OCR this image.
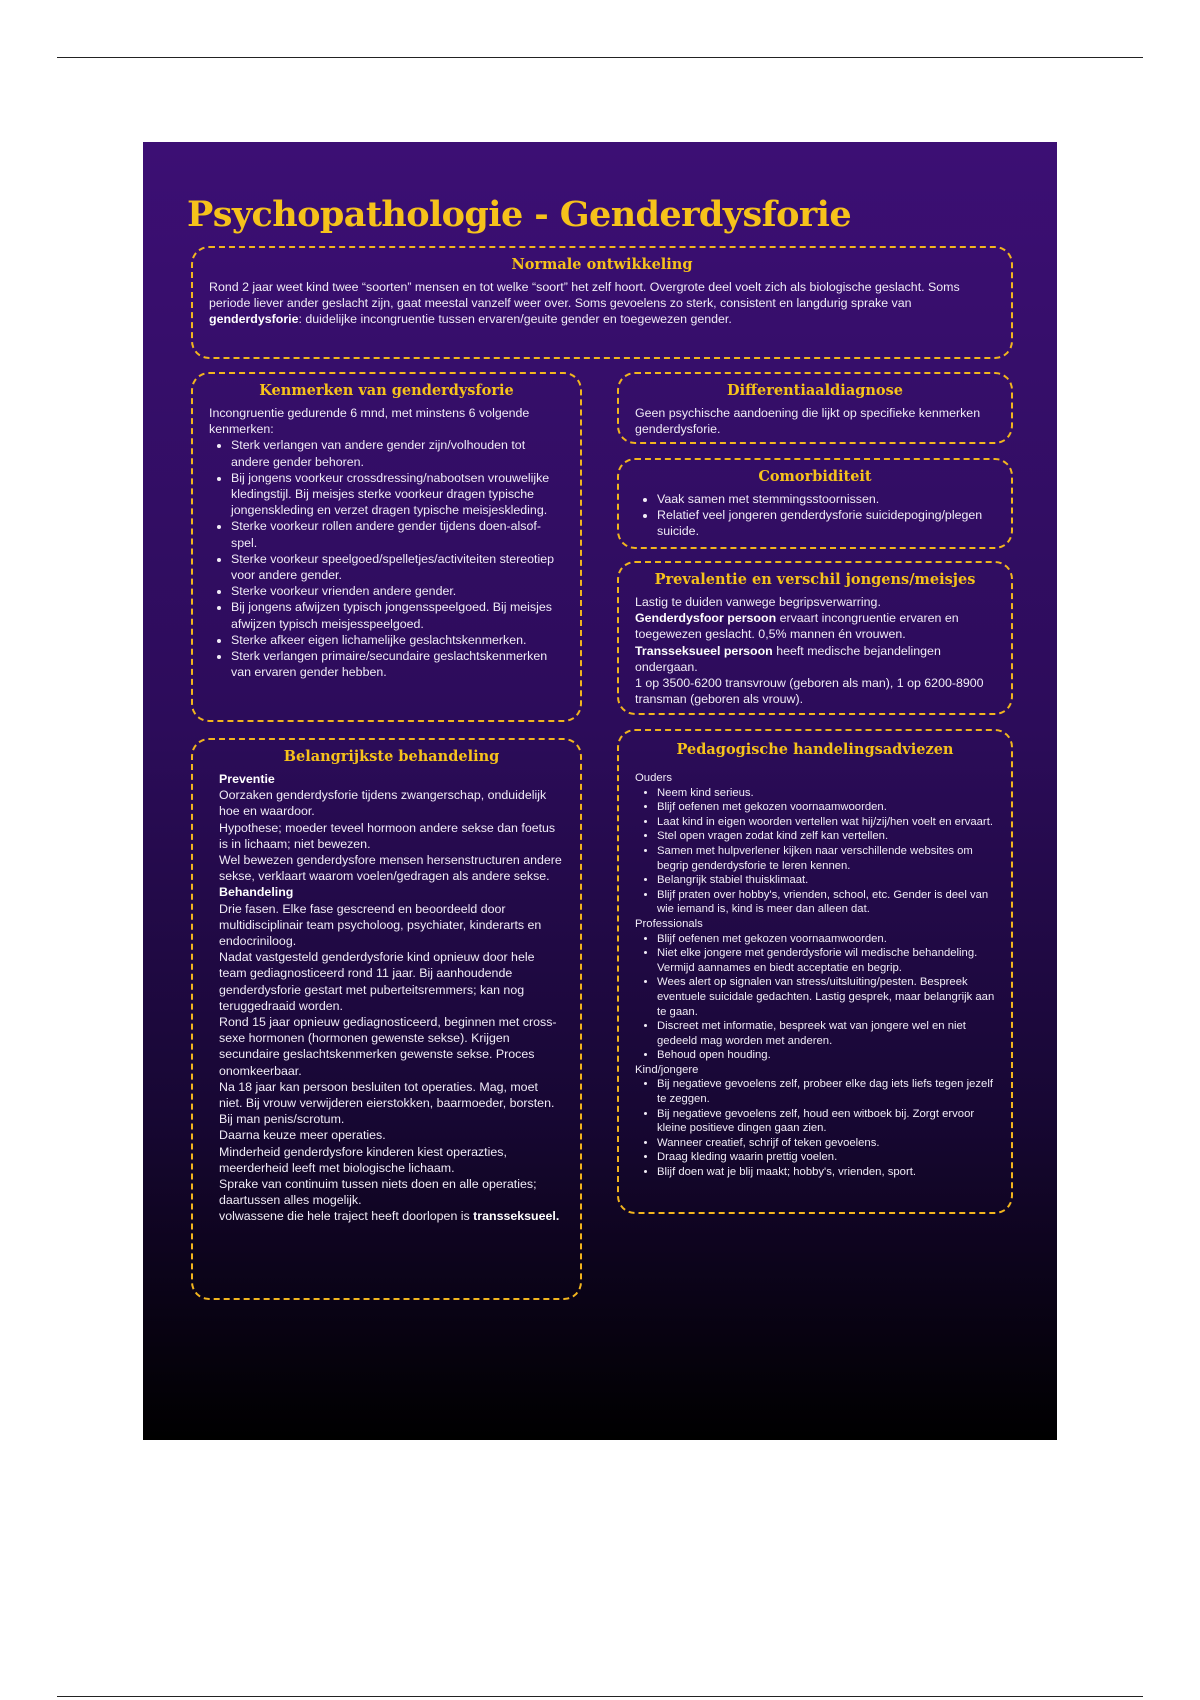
Psychopathologie - Genderdysforie
Normale ontwikkeling

Rond 2 jaar weet kind twee “soorten” mensen en tot welke “soort” het zelf hoort. Overgrote deel voelt zich als biologische geslacht. Soms periode liever ander geslacht zijn, gaat meestal vanzelf weer over. Soms gevoelens zo sterk, consistent en langdurig sprake van genderdysforie: duidelijke incongruentie tussen ervaren/geuite gender en toegewezen gender.

Kenmerken van genderdysforie

Incongruentie gedurende 6 mnd, met minstens 6 volgende kenmerken:

• Sterk verlangen van andere gender zijn/volhouden tot andere gender behoren.
• Bij jongens voorkeur crossdressing/nabootsen vrouwelijke kledingstijl. Bij meisjes sterke voorkeur dragen typische jongenskleding en verzet dragen typische meisjeskleding.
• Sterke voorkeur rollen andere gender tijdens doen-alsof-spel.
• Sterke voorkeur speelgoed/spelletjes/activiteiten stereotiep voor andere gender.
• Sterke voorkeur vrienden andere gender.
• Bij jongens afwijzen typisch jongensspeelgoed. Bij meisjes afwijzen typisch meisjesspeelgoed.
• Sterke afkeer eigen lichamelijke geslachtskenmerken.
• Sterk verlangen primaire/secundaire geslachtskenmerken van ervaren gender hebben.
Differentiaaldiagnose

Geen psychische aandoening die lijkt op specifieke kenmerken genderdysforie.

Comorbiditeit
• Vaak samen met stemmingsstoornissen.
• Relatief veel jongeren genderdysforie suicidepoging/plegen suicide.
Prevalentie en verschil jongens/meisjes

Lastig te duiden vanwege begripsverwarring.

Genderdysfoor persoon ervaart incongruentie ervaren en toegewezen geslacht. 0,5% mannen én vrouwen.

Transseksueel persoon heeft medische bejandelingen ondergaan.

1 op 3500-6200 transvrouw (geboren als man), 1 op 6200-8900 transman (geboren als vrouw).

Belangrijkste behandeling

Preventie

Oorzaken genderdysforie tijdens zwangerschap, onduidelijk hoe en waardoor.

Hypothese; moeder teveel hormoon andere sekse dan foetus is in lichaam; niet bewezen.

Wel bewezen genderdysfore mensen hersenstructuren andere sekse, verklaart waarom voelen/gedragen als andere sekse.

Behandeling

Drie fasen. Elke fase gescreend en beoordeeld door multidisciplinair team psycholoog, psychiater, kinderarts en endocriniloog.

Nadat vastgesteld genderdysforie kind opnieuw door hele team gediagnosticeerd rond 11 jaar. Bij aanhoudende genderdysforie gestart met puberteitsremmers; kan nog teruggedraaid worden.

Rond 15 jaar opnieuw gediagnosticeerd, beginnen met cross-sexe hormonen (hormonen gewenste sekse). Krijgen secundaire geslachtskenmerken gewenste sekse. Proces onomkeerbaar.

Na 18 jaar kan persoon besluiten tot operaties. Mag, moet niet. Bij vrouw verwijderen eierstokken, baarmoeder, borsten. Bij man penis/scrotum.

Daarna keuze meer operaties.

Minderheid genderdysfore kinderen kiest operazties, meerderheid leeft met biologische lichaam.

Sprake van continuim tussen niets doen en alle operaties; daartussen alles mogelijk.

volwassene die hele traject heeft doorlopen is transseksueel.

Pedagogische handelingsadviezen

Ouders

• Neem kind serieus.
• Blijf oefenen met gekozen voornaamwoorden.
• Laat kind in eigen woorden vertellen wat hij/zij/hen voelt en ervaart.
• Stel open vragen zodat kind zelf kan vertellen.
• Samen met hulpverlener kijken naar verschillende websites om begrip genderdysforie te leren kennen.
• Belangrijk stabiel thuisklimaat.
• Blijf praten over hobby's, vrienden, school, etc. Gender is deel van wie iemand is, kind is meer dan alleen dat.

Professionals

• Blijf oefenen met gekozen voornaamwoorden.
• Niet elke jongere met genderdysforie wil medische behandeling. Vermijd aannames en biedt acceptatie en begrip.
• Wees alert op signalen van stress/uitsluiting/pesten. Bespreek eventuele suicidale gedachten. Lastig gesprek, maar belangrijk aan te gaan.
• Discreet met informatie, bespreek wat van jongere wel en niet gedeeld mag worden met anderen.
• Behoud open houding.

Kind/jongere

• Bij negatieve gevoelens zelf, probeer elke dag iets liefs tegen jezelf te zeggen.
• Bij negatieve gevoelens zelf, houd een witboek bij. Zorgt ervoor kleine positieve dingen gaan zien.
• Wanneer creatief, schrijf of teken gevoelens.
• Draag kleding waarin prettig voelen.
• Blijf doen wat je blij maakt; hobby's, vrienden, sport.
